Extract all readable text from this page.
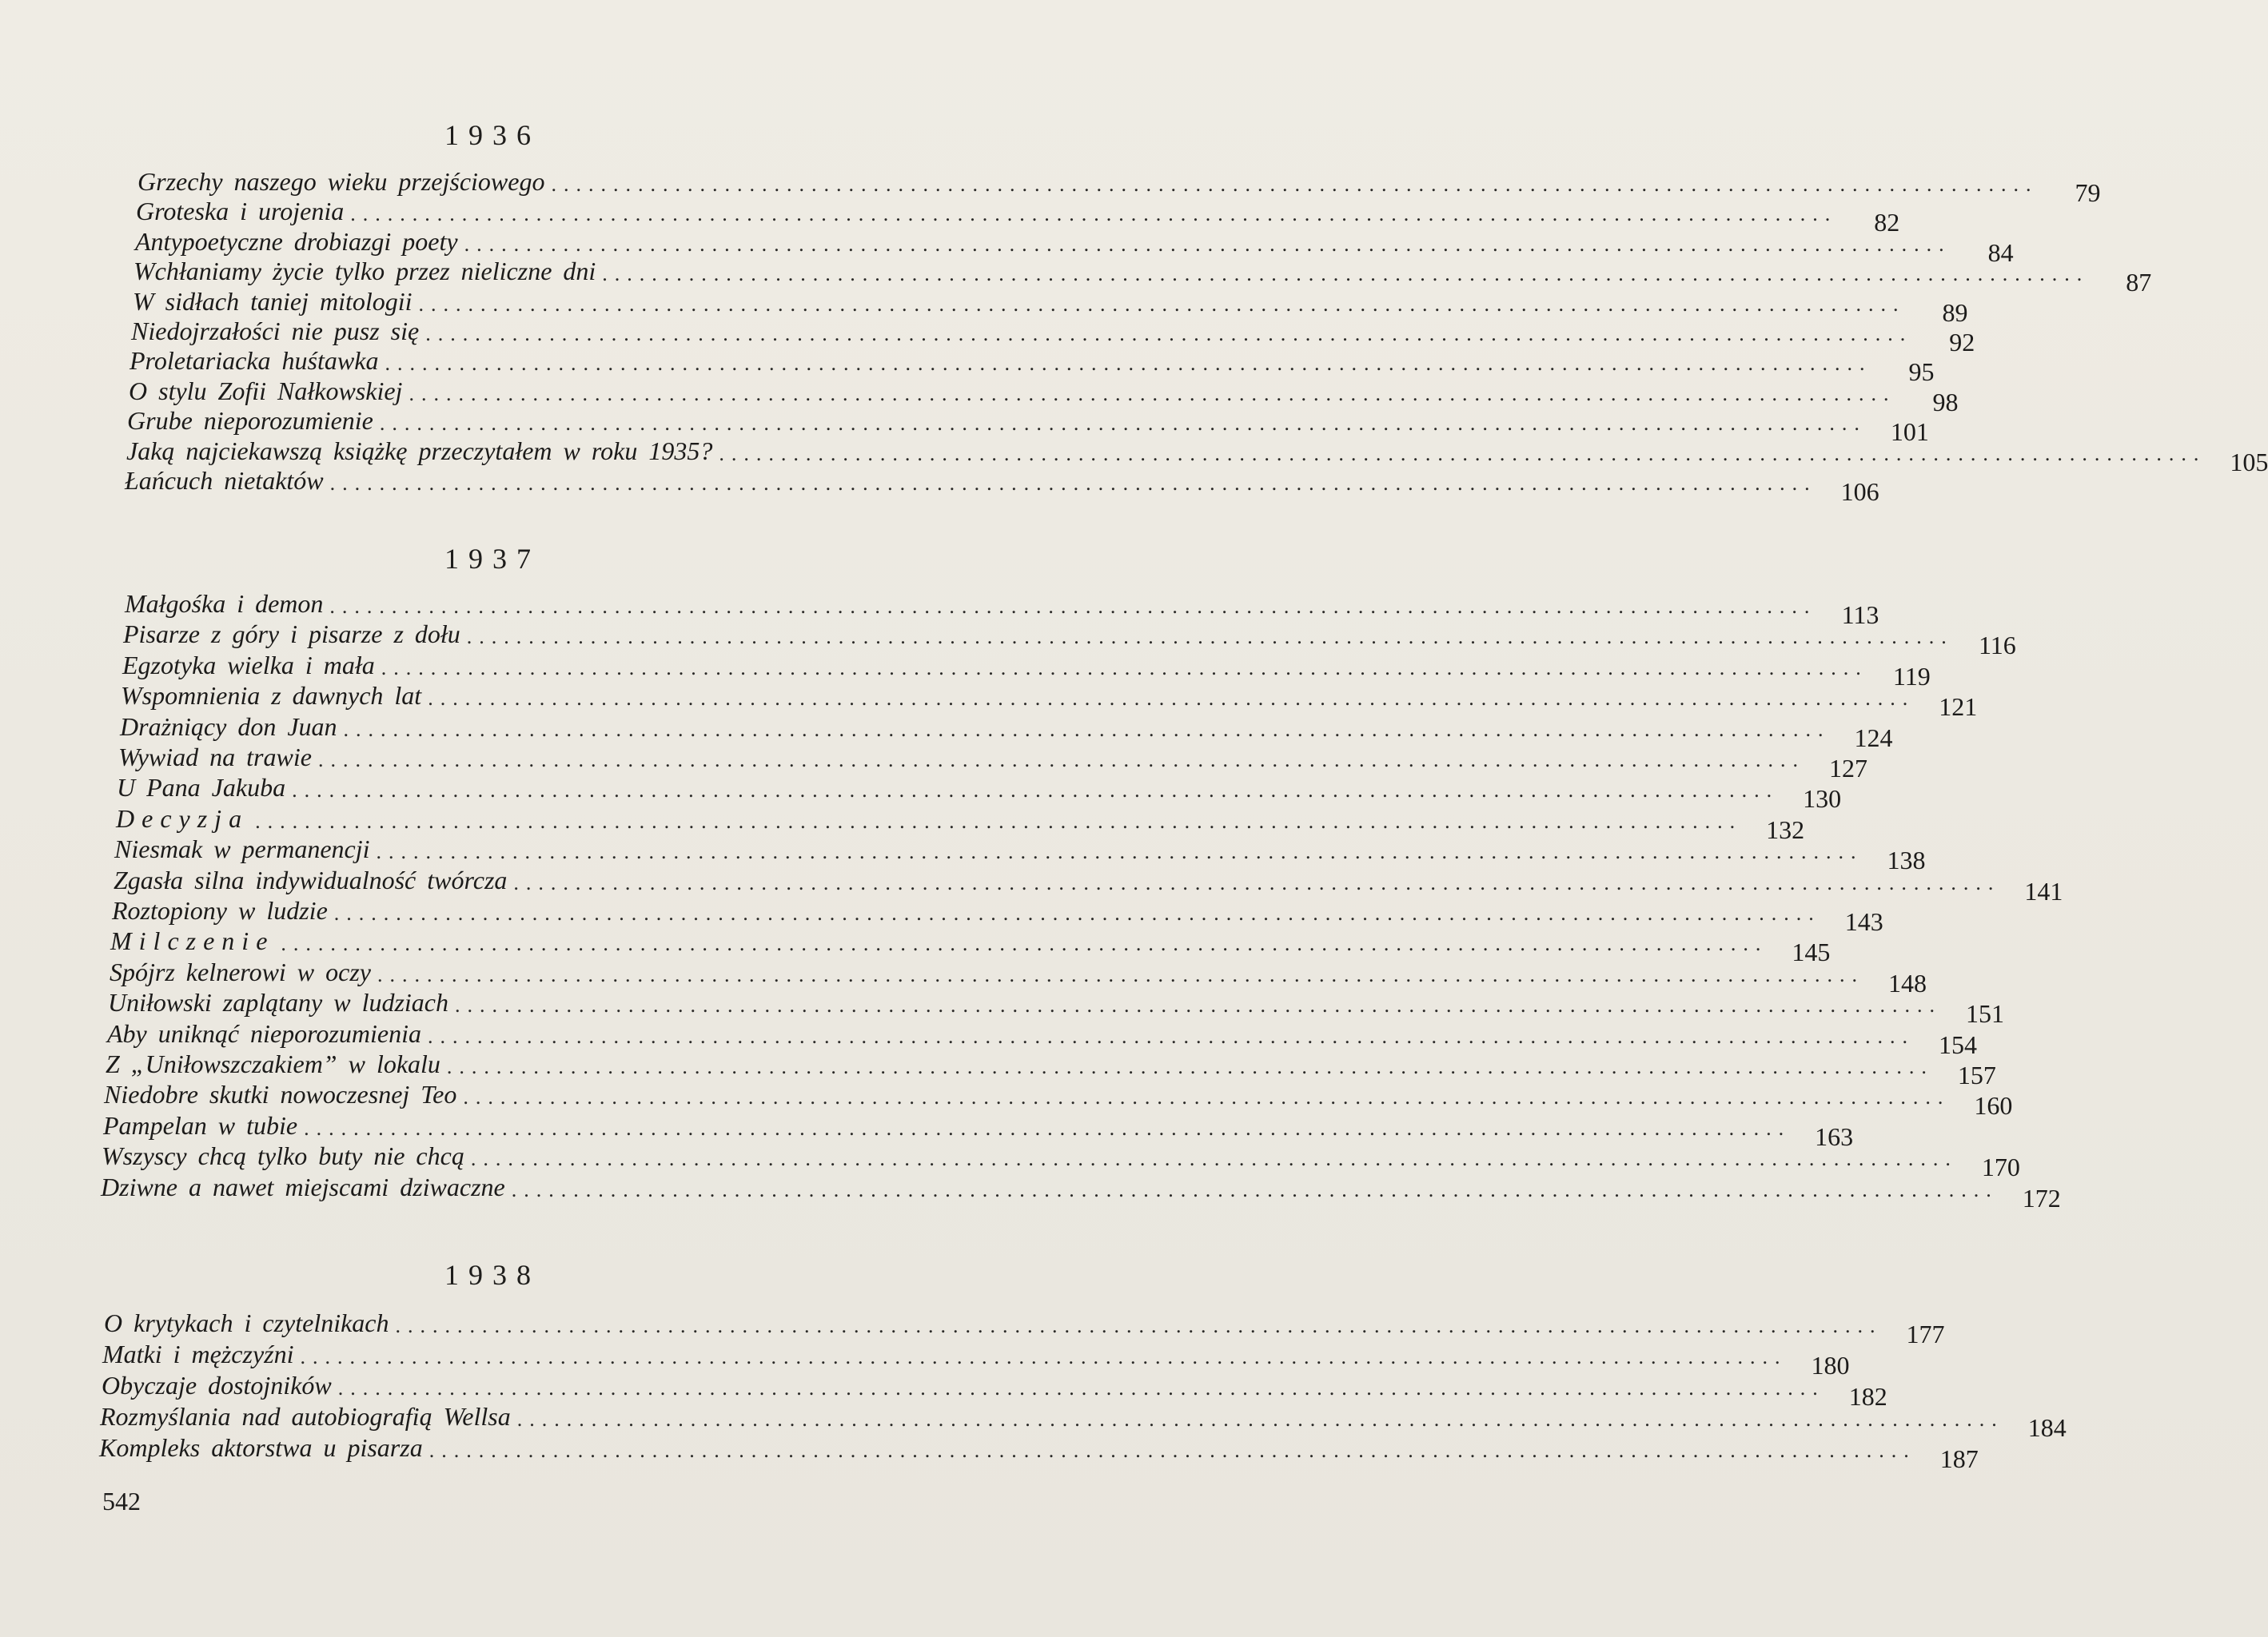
1936
1937
1938
Grzechy naszego wieku przejściowego ........................................................................................................................	79
Groteska i urojenia ........................................................................................................................	82
Antypoetyczne drobiazgi poety ........................................................................................................................	84
Wchłaniamy życie tylko przez nieliczne dni ........................................................................................................................	87
W sidłach taniej mitologii ........................................................................................................................	89
Niedojrzałości nie pusz się ........................................................................................................................	92
Proletariacka huśtawka ........................................................................................................................	95
O stylu Zofii Nałkowskiej ........................................................................................................................	98
Grube nieporozumienie ........................................................................................................................ 101
Jaką najciekawszą książkę przeczytałem w roku 1935? ........................................................................................................................ 105
Łańcuch nietaktów ........................................................................................................................ 106
Małgośka i demon ........................................................................................................................ 113
Pisarze z góry i pisarze z dołu ........................................................................................................................ 116
Egzotyka wielka i mała ........................................................................................................................ 119
Wspomnienia z dawnych lat ........................................................................................................................ 121
Drażniący don Juan ........................................................................................................................ 124
Wywiad na trawie ........................................................................................................................ 127
U Pana Jakuba ........................................................................................................................ 130
Decyzja ........................................................................................................................ 132
Niesmak w permanencji ........................................................................................................................ 138
Zgasła silna indywidualność twórcza ........................................................................................................................ 141
Roztopiony w ludzie ........................................................................................................................ 143
Milczenie ........................................................................................................................ 145
Spójrz kelnerowi w oczy ........................................................................................................................ 148
Uniłowski zaplątany w ludziach ........................................................................................................................ 151
Aby uniknąć nieporozumienia ........................................................................................................................ 154
Z „Uniłowszczakiem” w lokalu ........................................................................................................................ 157
Niedobre skutki nowoczesnej Teo ........................................................................................................................ 160
Pampelan w tubie ........................................................................................................................ 163
Wszyscy chcą tylko buty nie chcą ........................................................................................................................ 170
Dziwne a nawet miejscami dziwaczne ........................................................................................................................ 172
O krytykach i czytelnikach ........................................................................................................................ 177
Matki i mężczyźni ........................................................................................................................ 180
Obyczaje dostojników ........................................................................................................................ 182
Rozmyślania nad autobiografią Wellsa ........................................................................................................................ 184
Kompleks aktorstwa u pisarza ........................................................................................................................ 187
542
